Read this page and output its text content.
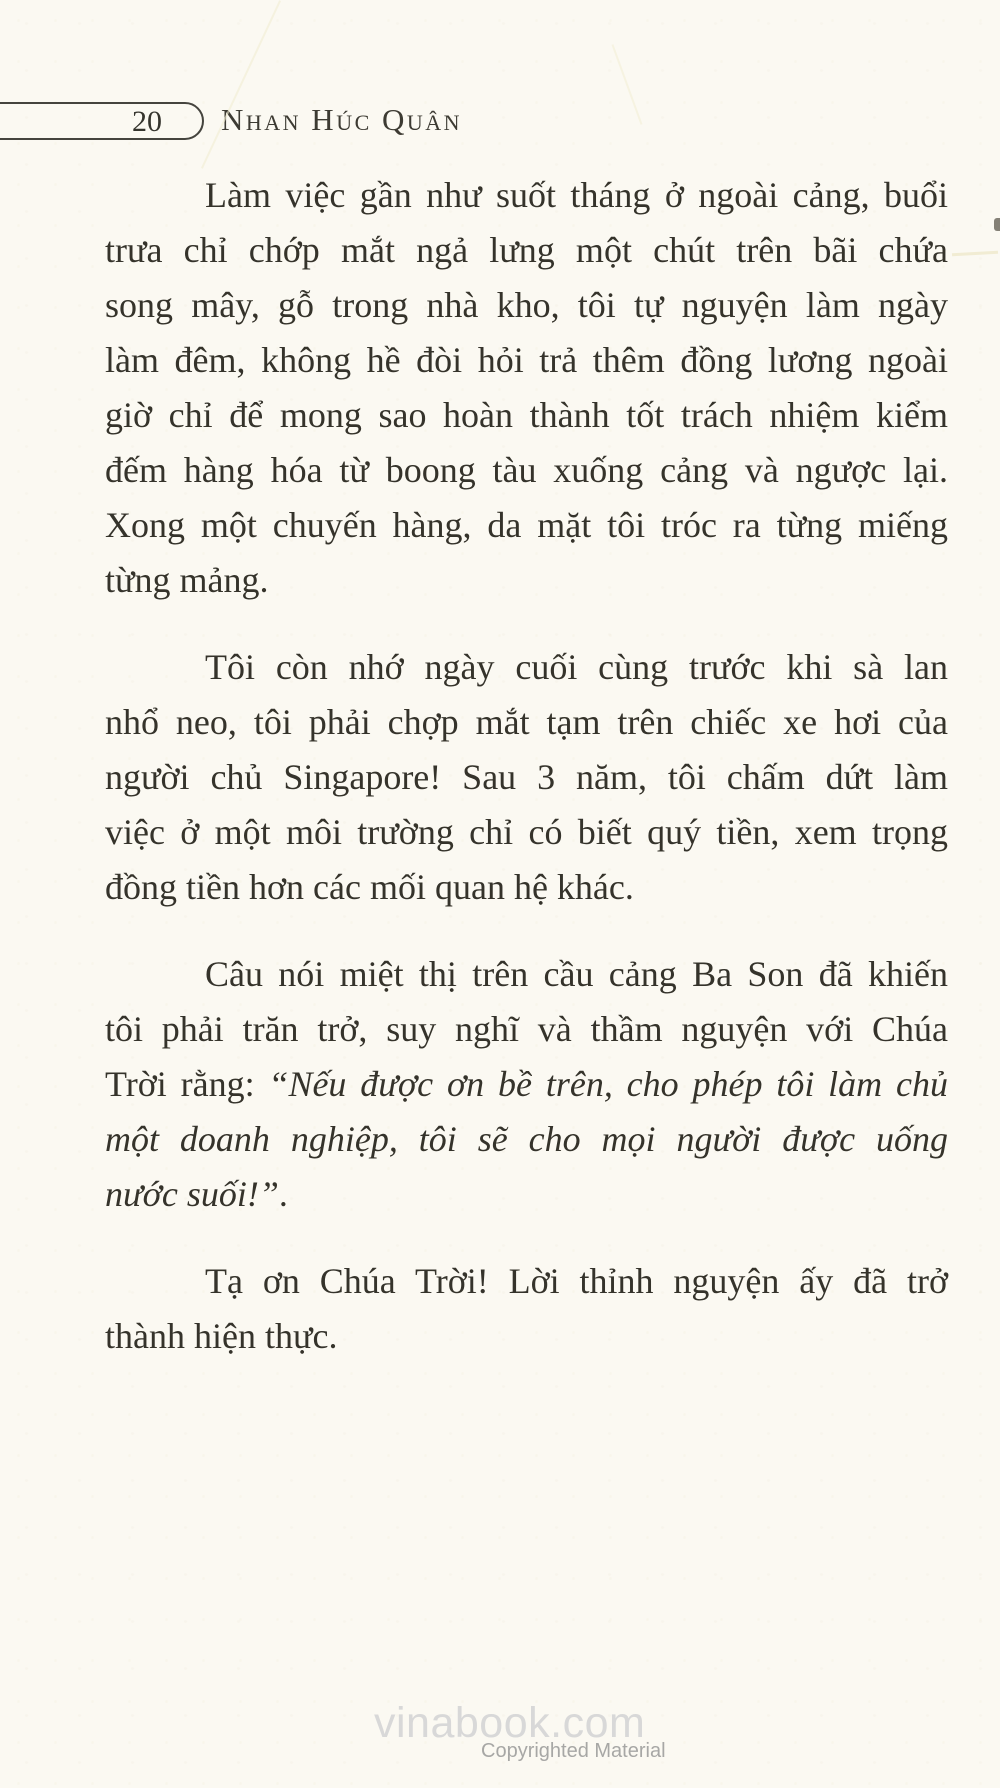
20 Nhan Húc Quân
Làm việc gần như suốt tháng ở ngoài cảng, buổi
trưa chỉ chớp mắt ngả lưng một chút trên bãi chứa
song mây, gỗ trong nhà kho, tôi tự nguyện làm ngày
làm đêm, không hề đòi hỏi trả thêm đồng lương ngoài
giờ chỉ để mong sao hoàn thành tốt trách nhiệm kiểm
đếm hàng hóa từ boong tàu xuống cảng và ngược lại.
Xong một chuyến hàng, da mặt tôi tróc ra từng miếng
từng mảng.
Tôi còn nhớ ngày cuối cùng trước khi sà lan
nhổ neo, tôi phải chợp mắt tạm trên chiếc xe hơi của
người chủ Singapore! Sau 3 năm, tôi chấm dứt làm
việc ở một môi trường chỉ có biết quý tiền, xem trọng
đồng tiền hơn các mối quan hệ khác.
Câu nói miệt thị trên cầu cảng Ba Son đã khiến
tôi phải trăn trở, suy nghĩ và thầm nguyện với Chúa
Trời rằng: “Nếu được ơn bề trên, cho phép tôi làm chủ
một doanh nghiệp, tôi sẽ cho mọi người được uống
nước suối!”.
Tạ ơn Chúa Trời! Lời thỉnh nguyện ấy đã trở
thành hiện thực.
vinabook.com
Copyrighted Material
